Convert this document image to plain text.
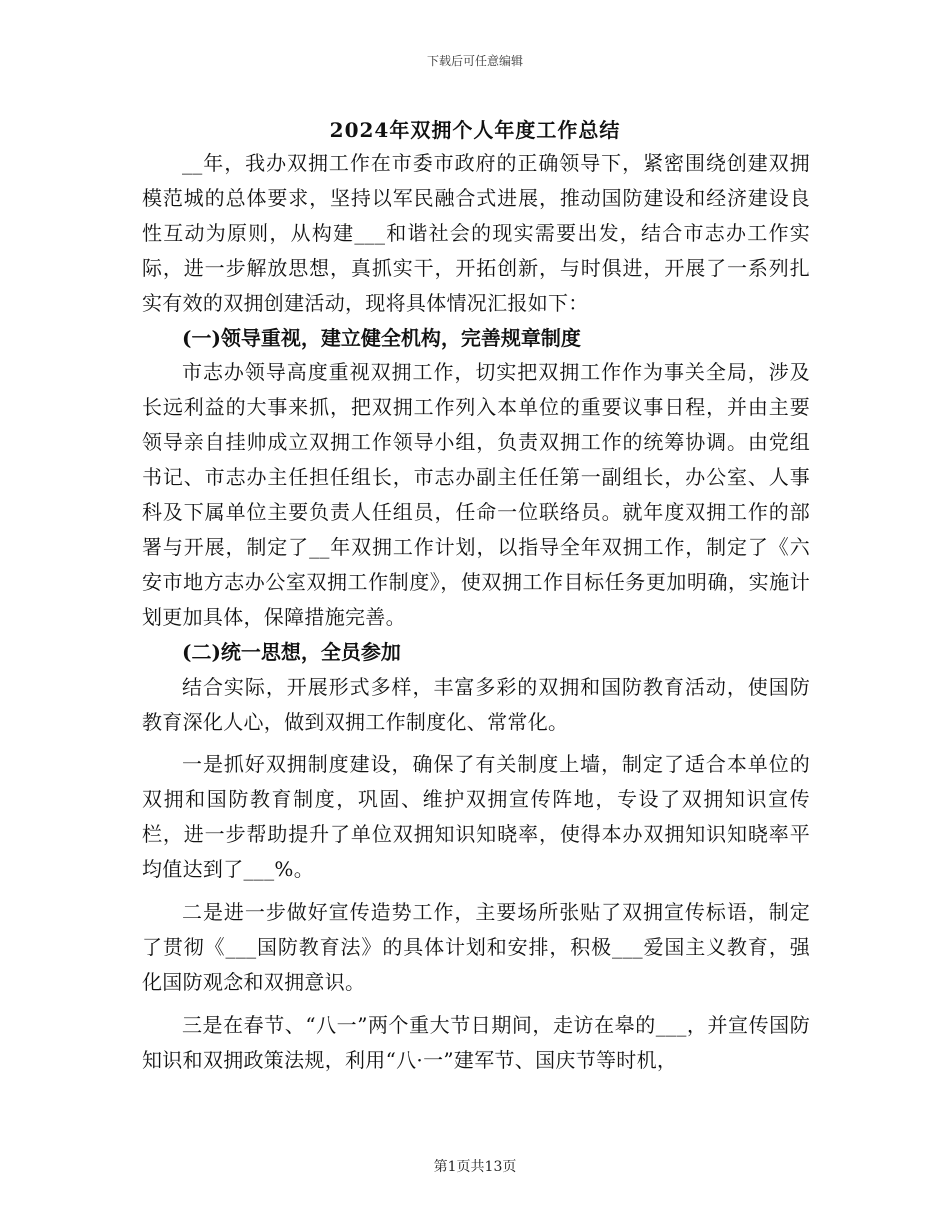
下载后可任意编辑
2024年双拥个人年度工作总结

__年，我办双拥工作在市委市政府的正确领导下，紧密围绕创建双拥模范城的总体要求，坚持以军民融合式进展，推动国防建设和经济建设良性互动为原则，从构建___和谐社会的现实需要出发，结合市志办工作实际，进一步解放思想，真抓实干，开拓创新，与时俱进，开展了一系列扎实有效的双拥创建活动，现将具体情况汇报如下：

(一)领导重视，建立健全机构，完善规章制度

市志办领导高度重视双拥工作，切实把双拥工作作为事关全局，涉及长远利益的大事来抓，把双拥工作列入本单位的重要议事日程，并由主要领导亲自挂帅成立双拥工作领导小组，负责双拥工作的统筹协调。由党组书记、市志办主任担任组长，市志办副主任任第一副组长，办公室、人事科及下属单位主要负责人任组员，任命一位联络员。就年度双拥工作的部署与开展，制定了__年双拥工作计划，以指导全年双拥工作，制定了《六安市地方志办公室双拥工作制度》，使双拥工作目标任务更加明确，实施计划更加具体，保障措施完善。

(二)统一思想，全员参加

结合实际，开展形式多样，丰富多彩的双拥和国防教育活动，使国防教育深化人心，做到双拥工作制度化、常常化。

一是抓好双拥制度建设，确保了有关制度上墙，制定了适合本单位的双拥和国防教育制度，巩固、维护双拥宣传阵地，专设了双拥知识宣传栏，进一步帮助提升了单位双拥知识知晓率，使得本办双拥知识知晓率平均值达到了___%。

二是进一步做好宣传造势工作，主要场所张贴了双拥宣传标语，制定了贯彻《___国防教育法》的具体计划和安排，积极___爱国主义教育，强化国防观念和双拥意识。

三是在春节、“八一”两个重大节日期间，走访在皋的___，并宣传国防知识和双拥政策法规，利用“八·一”建军节、国庆节等时机，

第1页共13页
